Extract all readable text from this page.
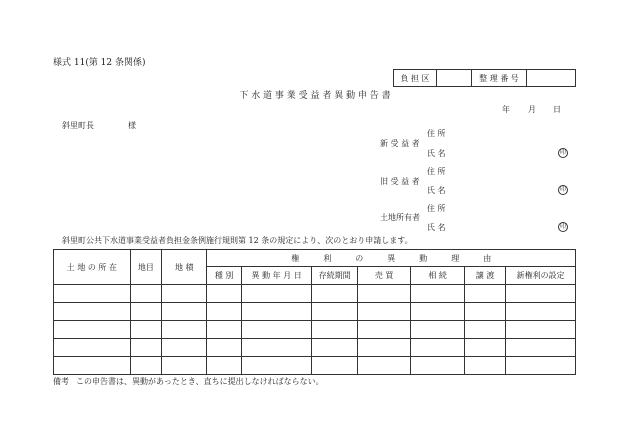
様式 11(第 12 条関係)
負 担 区		整 理 番 号	
下 水 道 事 業 受 益 者 異 動 申 告 書
年 月 日
斜里町長	様
住 所
新 受 益 者
氏 名	印
住 所
旧 受 益 者
氏 名	印
住 所
土地所有者
氏 名	印
斜里町公共下水道事業受益者負担金条例施行規則第 12 条の規定により、次のとおり申請します。
土 地 の 所 在	地目	地 積	権　　　利　　　の　　　異　　　動　　　理　　　由						
			種 別	異 動 年 月 日	存続期間	売 買	相 続	譲 渡	新権利の設定

備考 この申告書は、異動があったとき、直ちに提出しなければならない。
